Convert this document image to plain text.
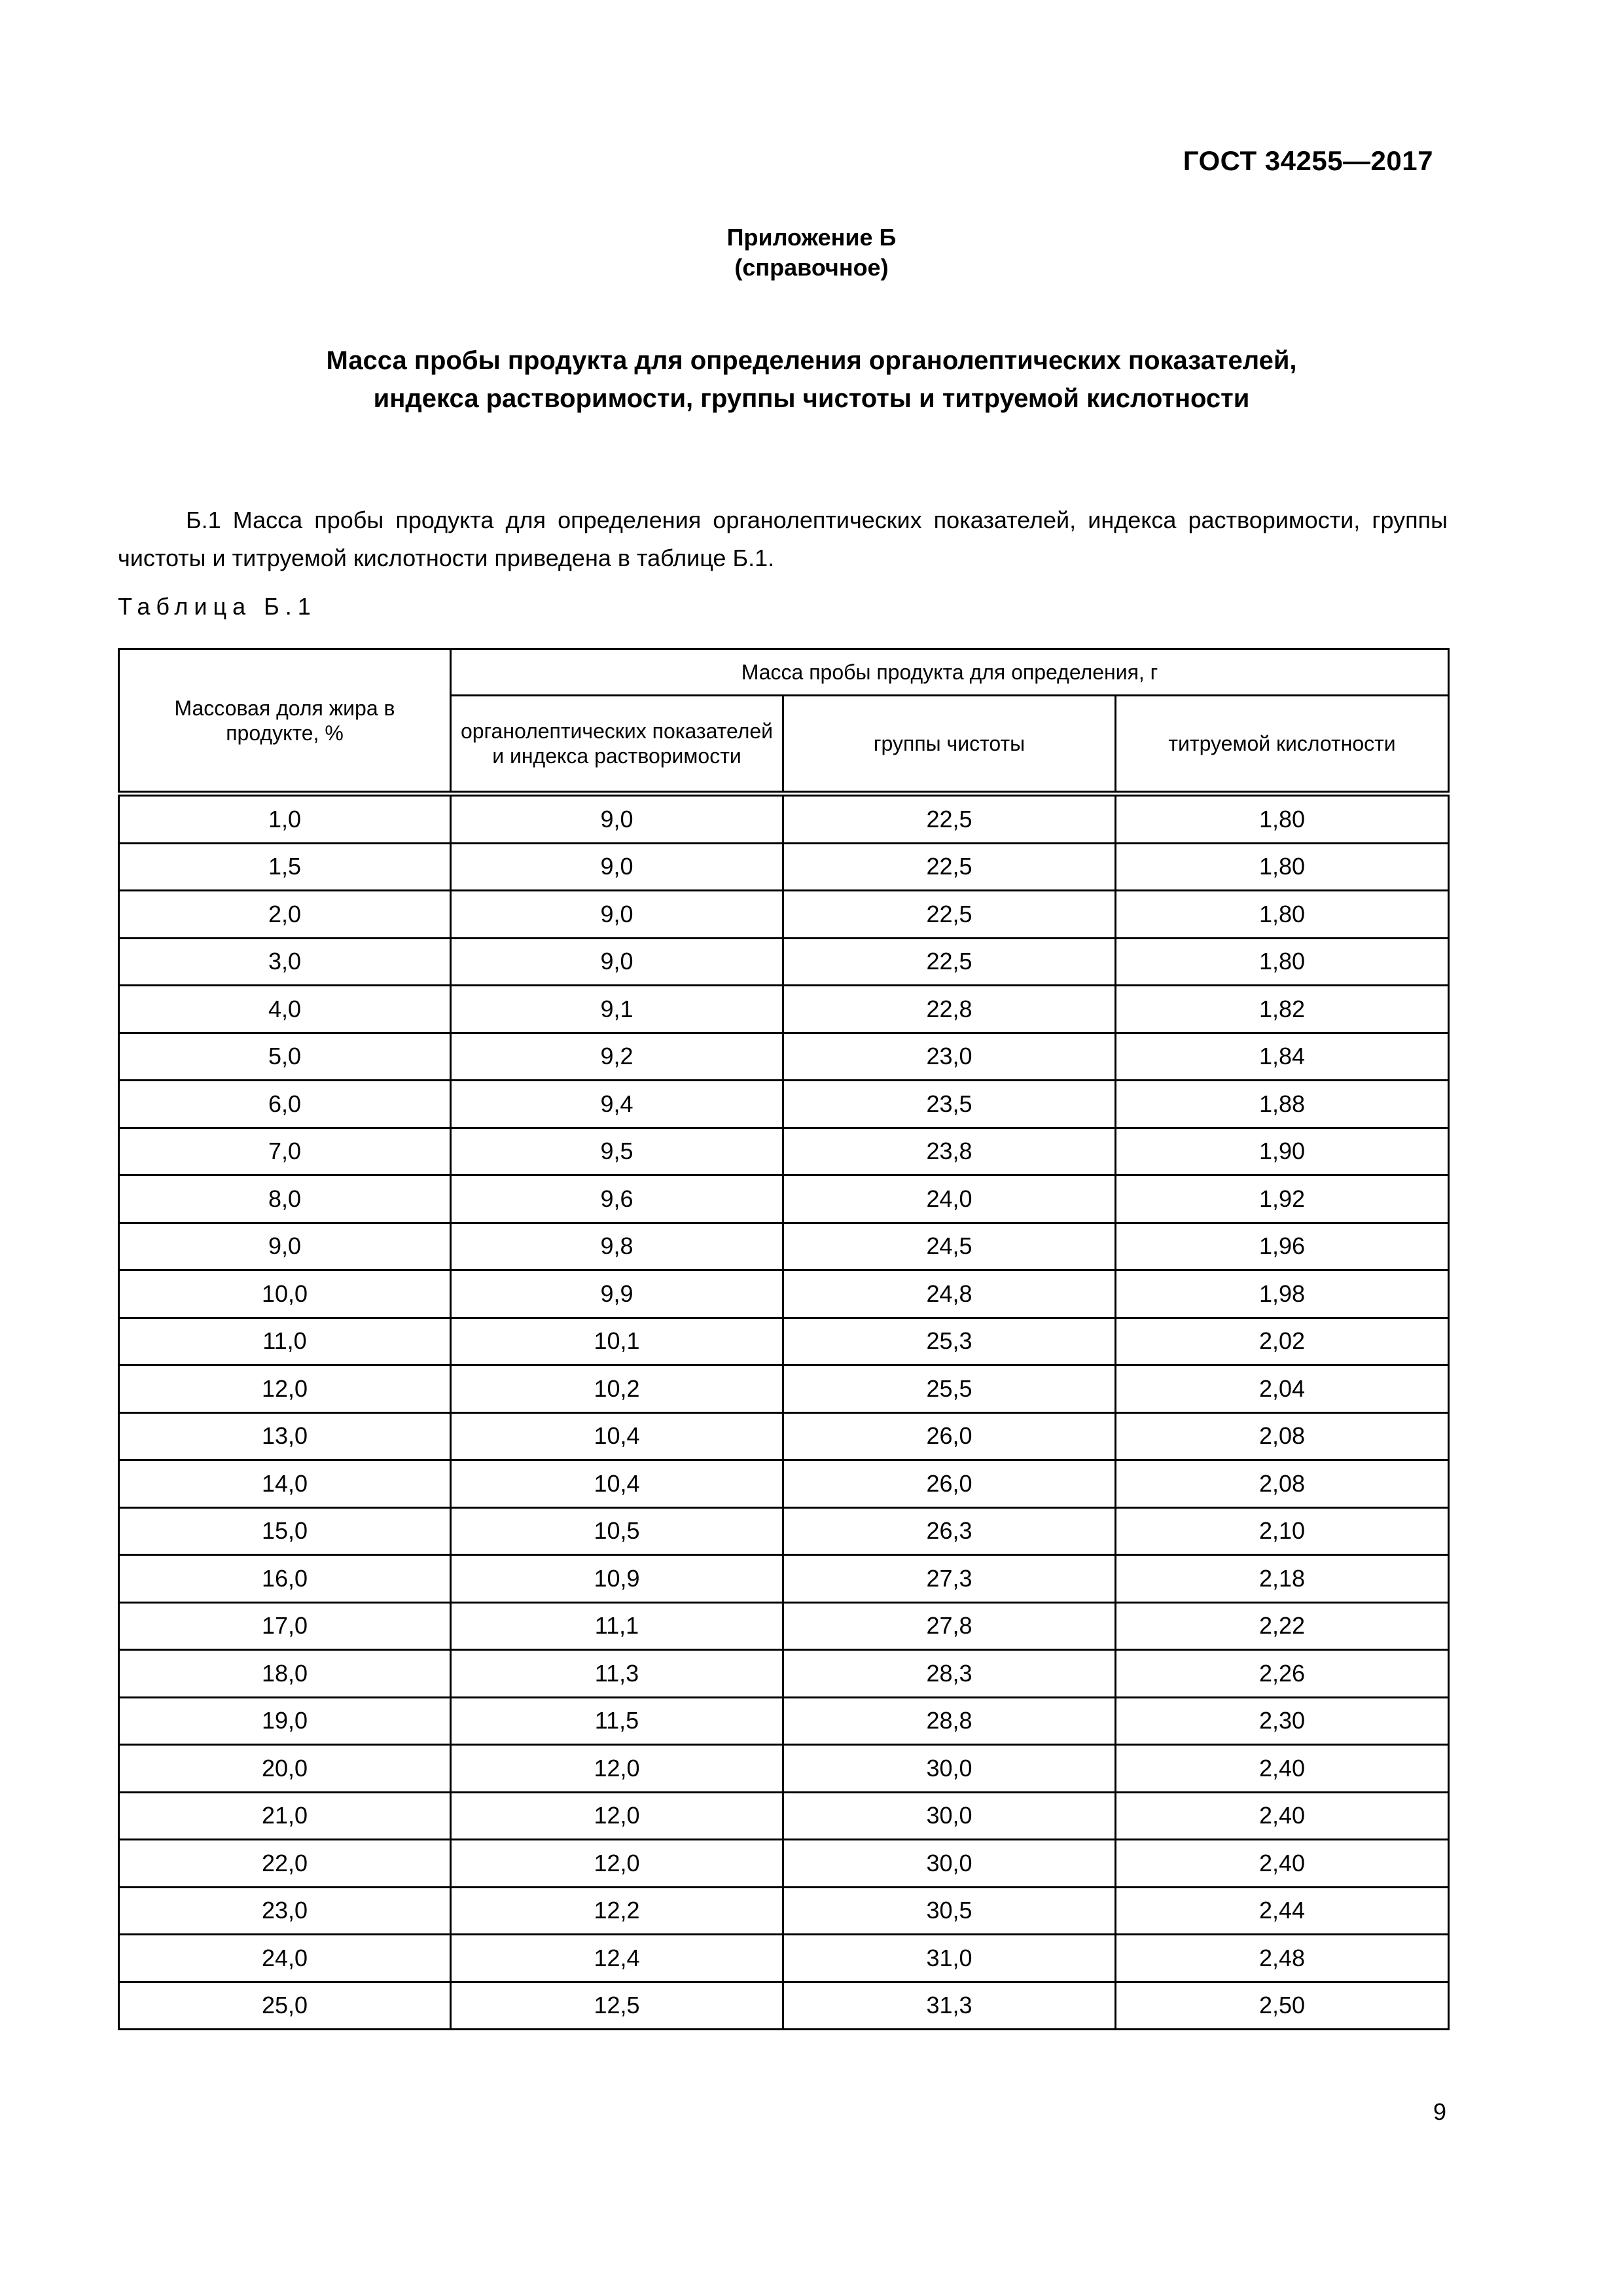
ГОСТ 34255—2017
Приложение Б
(справочное)
Масса пробы продукта для определения органолептических показателей,
индекса растворимости, группы чистоты и титруемой кислотности
Б.1 Масса пробы продукта для определения органолептических показателей, индекса растворимости, группы чистоты и титруемой кислотности приведена в таблице Б.1.
Таблица Б.1
Массовая доля жира в продукте, %	Масса пробы продукта для определения, г		
	органолептических показателей и индекса растворимости	группы чистоты	титруемой кислотности
1,0	9,0	22,5	1,80
1,5	9,0	22,5	1,80
2,0	9,0	22,5	1,80
3,0	9,0	22,5	1,80
4,0	9,1	22,8	1,82
5,0	9,2	23,0	1,84
6,0	9,4	23,5	1,88
7,0	9,5	23,8	1,90
8,0	9,6	24,0	1,92
9,0	9,8	24,5	1,96
10,0	9,9	24,8	1,98
11,0	10,1	25,3	2,02
12,0	10,2	25,5	2,04
13,0	10,4	26,0	2,08
14,0	10,4	26,0	2,08
15,0	10,5	26,3	2,10
16,0	10,9	27,3	2,18
17,0	11,1	27,8	2,22
18,0	11,3	28,3	2,26
19,0	11,5	28,8	2,30
20,0	12,0	30,0	2,40
21,0	12,0	30,0	2,40
22,0	12,0	30,0	2,40
23,0	12,2	30,5	2,44
24,0	12,4	31,0	2,48
25,0	12,5	31,3	2,50
9
